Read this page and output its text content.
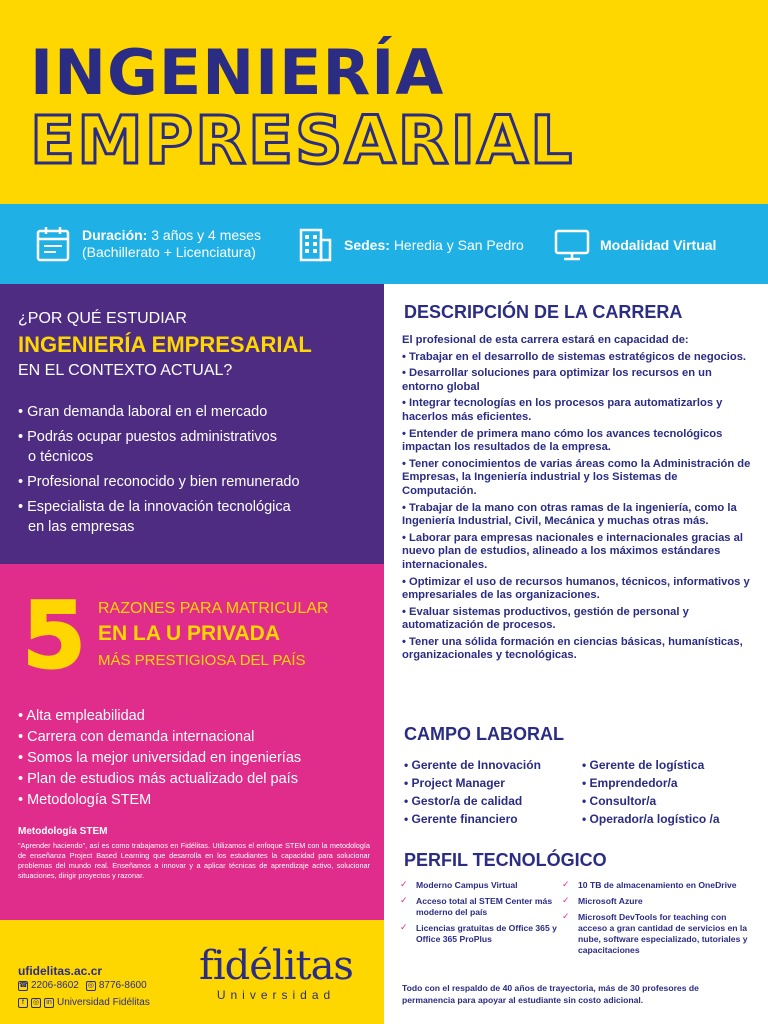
INGENIERÍA
EMPRESARIAL
Duración: 3 años y 4 meses
(Bachillerato + Licenciatura)	Sedes: Heredia y San Pedro	Modalidad Virtual
¿POR QUÉ ESTUDIAR
INGENIERÍA EMPRESARIAL
EN EL CONTEXTO ACTUAL?
• Gran demanda laboral en el mercado
• Podrás ocupar puestos administrativos
o técnicos
• Profesional reconocido y bien remunerado
• Especialista de la innovación tecnológica
en las empresas
5 RAZONES PARA MATRICULAR
EN LA U PRIVADA
MÁS PRESTIGIOSA DEL PAÍS
• Alta empleabilidad
• Carrera con demanda internacional
• Somos la mejor universidad en ingenierías
• Plan de estudios más actualizado del país
• Metodología STEM
Metodología STEM
"Aprender haciendo", así es como trabajamos en Fidélitas. Utilizamos el enfoque STEM con la metodología de enseñanza Project Based Learning que desarrolla en los estudiantes la capacidad para solucionar problemas del mundo real. Enseñamos a innovar y a aplicar técnicas de aprendizaje activo, solucionar situaciones, dirigir proyectos y razonar.
ufidelitas.ac.cr
☎ 2206-8602 ◎ 8776-8600
f	◎	in Universidad Fidélitas
fidélitas
Universidad
DESCRIPCIÓN DE LA CARRERA
El profesional de esta carrera estará en capacidad de:
• Trabajar en el desarrollo de sistemas estratégicos de negocios.
• Desarrollar soluciones para optimizar los recursos en un entorno global
• Integrar tecnologías en los procesos para automatizarlos y hacerlos más eficientes.
• Entender de primera mano cómo los avances tecnológicos impactan los resultados de la empresa.
• Tener conocimientos de varias áreas como la Administración de Empresas, la Ingeniería industrial y los Sistemas de Computación.
• Trabajar de la mano con otras ramas de la ingeniería, como la Ingeniería Industrial, Civil, Mecánica y muchas otras más.
• Laborar para empresas nacionales e internacionales gracias al nuevo plan de estudios, alineado a los máximos estándares internacionales.
• Optimizar el uso de recursos humanos, técnicos, informativos y empresariales de las organizaciones.
• Evaluar sistemas productivos, gestión de personal y automatización de procesos.
• Tener una sólida formación en ciencias básicas, humanísticas, organizacionales y tecnológicas.
CAMPO LABORAL
• Gerente de Innovación
• Project Manager
• Gestor/a de calidad
• Gerente financiero
• Gerente de logística
• Emprendedor/a
• Consultor/a
• Operador/a logístico /a
PERFIL TECNOLÓGICO
✓ Moderno Campus Virtual
✓ Acceso total al STEM Center más moderno del país
✓ Licencias gratuitas de Office 365 y Office 365 ProPlus
✓ 10 TB de almacenamiento en OneDrive
✓ Microsoft Azure
✓ Microsoft DevTools for teaching con acceso a gran cantidad de servicios en la nube, software especializado, tutoriales y capacitaciones
Todo con el respaldo de 40 años de trayectoria, más de 30 profesores de permanencia para apoyar al estudiante sin costo adicional.
